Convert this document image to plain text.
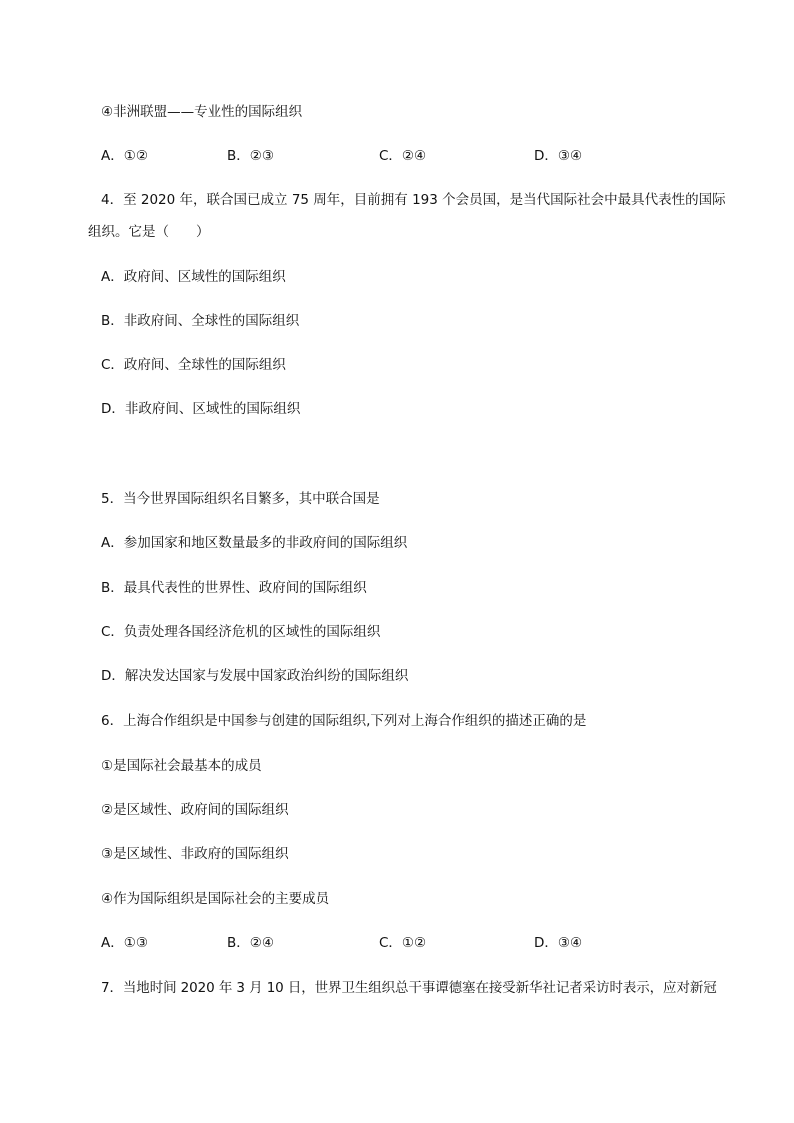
④非洲联盟——专业性的国际组织
A．①②	B．②③	C．②④	D．③④
4．至 2020 年，联合国已成立 75 周年，目前拥有 193 个会员国，是当代国际社会中最具代表性的国际
组织。它是（　　）
A．政府间、区域性的国际组织
B．非政府间、全球性的国际组织
C．政府间、全球性的国际组织
D．非政府间、区域性的国际组织
5．当今世界国际组织名目繁多，其中联合国是
A．参加国家和地区数量最多的非政府间的国际组织
B．最具代表性的世界性、政府间的国际组织
C．负责处理各国经济危机的区域性的国际组织
D．解决发达国家与发展中国家政治纠纷的国际组织
6．上海合作组织是中国参与创建的国际组织,下列对上海合作组织的描述正确的是
①是国际社会最基本的成员
②是区域性、政府间的国际组织
③是区域性、非政府的国际组织
④作为国际组织是国际社会的主要成员
A．①③	B．②④	C．①②	D．③④
7．当地时间 2020 年 3 月 10 日，世界卫生组织总干事谭德塞在接受新华社记者采访时表示，应对新冠
